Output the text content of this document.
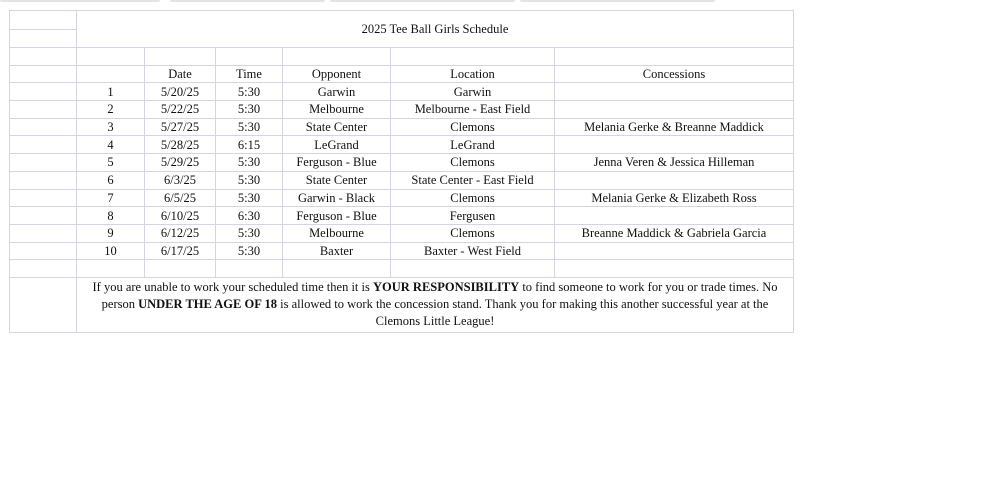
	2025 Tee Ball Girls Schedule					

		Date	Time	Opponent	Location	Concessions
	1	5/20/25	5:30	Garwin	Garwin	
	2	5/22/25	5:30	Melbourne	Melbourne - East Field	
	3	5/27/25	5:30	State Center	Clemons	Melania Gerke & Breanne Maddick
	4	5/28/25	6:15	LeGrand	LeGrand	
	5	5/29/25	5:30	Ferguson - Blue	Clemons	Jenna Veren & Jessica Hilleman
	6	6/3/25	5:30	State Center	State Center - East Field	
	7	6/5/25	5:30	Garwin - Black	Clemons	Melania Gerke & Elizabeth Ross
	8	6/10/25	6:30	Ferguson - Blue	Fergusen	
	9	6/12/25	5:30	Melbourne	Clemons	Breanne Maddick & Gabriela Garcia
	10	6/17/25	5:30	Baxter	Baxter - West Field	

	If you are unable to work your scheduled time then it is YOUR RESPONSIBILITY to find someone to work for you or trade times. No person UNDER THE AGE OF 18 is allowed to work the concession stand. Thank you for making this another successful year at the Clemons Little League!					
